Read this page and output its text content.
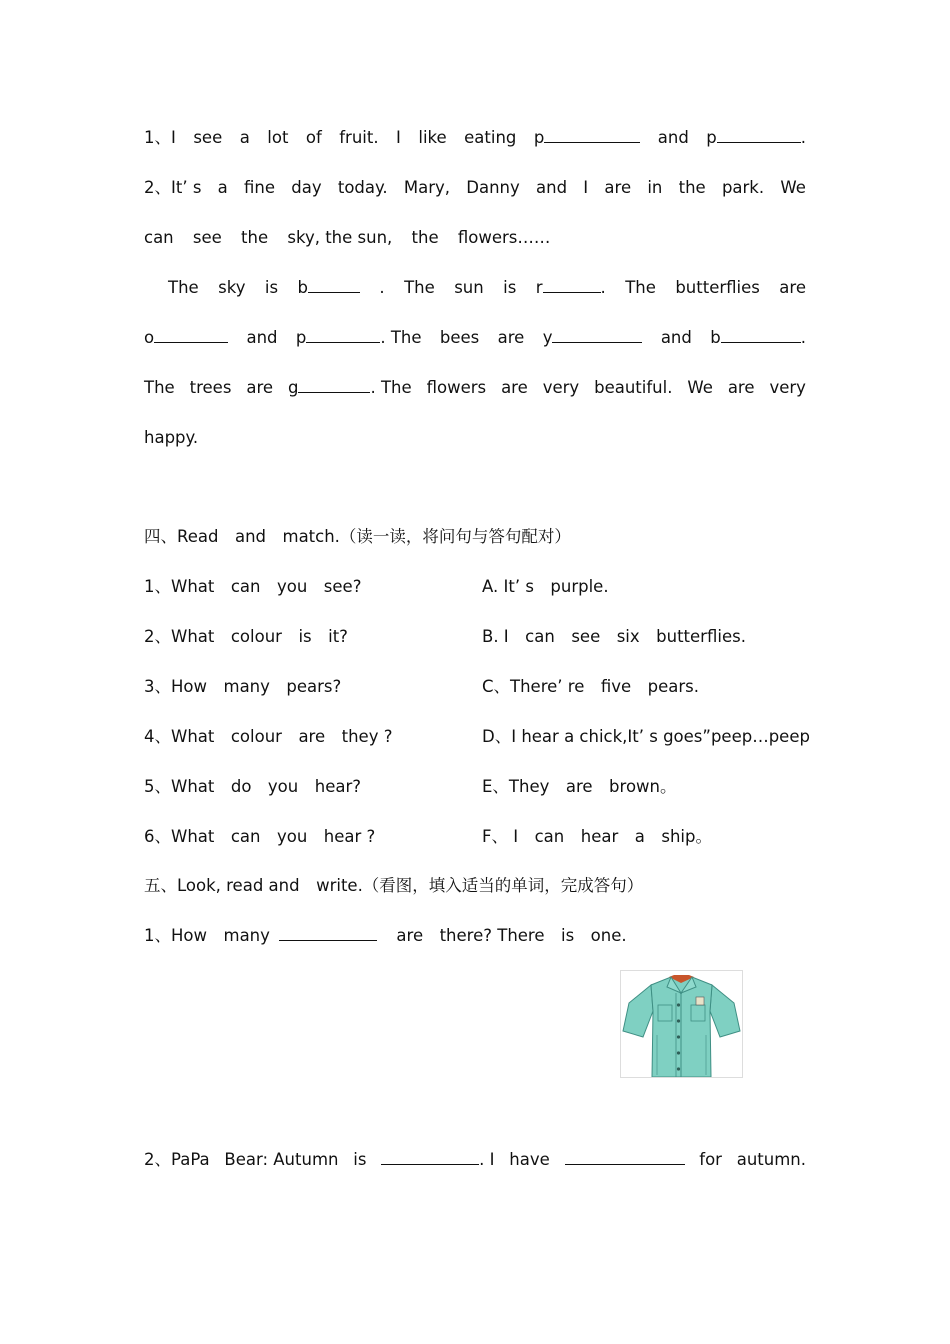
1、I see a lot of fruit. I like eating p	and p	.
2、It’ s a fine day today. Mary, Danny and I are in the park. We
can see the sky, the sun, the flowers……
The sky is b	. The sun is r	. The butterflies are
o	and p	. The bees are y	and b	.
The trees are g	. The flowers are very beautiful. We are very
happy.
四、Read　and　match.（读一读，将问句与答句配对）
1、What　can　you　see?	A. It’ s　purple.
2、What　colour　is　it?	B. I　can　see　six　butterflies.
3、How　many　pears?	C、There’ re　five　pears.
4、What　colour　are　they ?	D、I hear a chick,It’ s goes”peep…peep
5、What　do　you　hear?	E、They　are　brown。
6、What　can　you　hear ?	F、 I　can　hear　a　ship。
五、Look, read and　write.（看图，填入适当的单词，完成答句）
1、How　many	are　there? There　is　one.
2、PaPa Bear: Autumn is	. I have	for autumn.
